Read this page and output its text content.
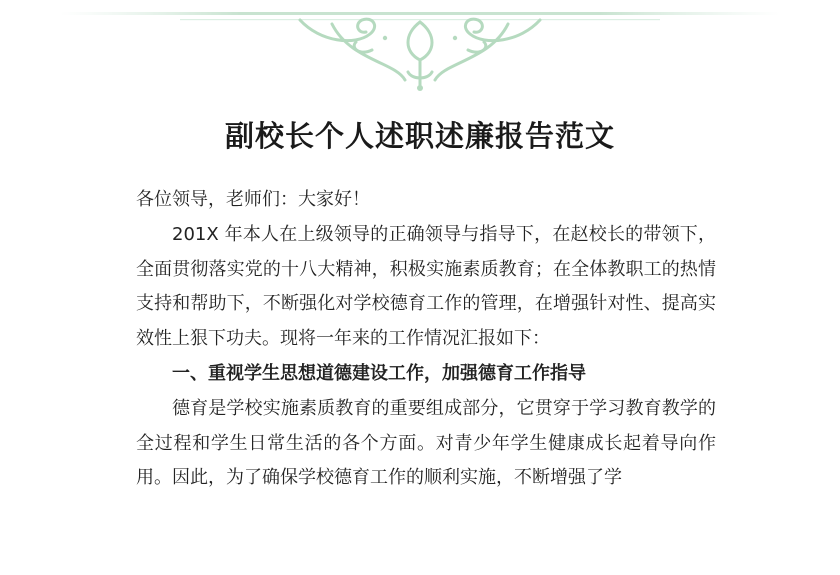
副校长个人述职述廉报告范文

各位领导，老师们：大家好！

201X 年本人在上级领导的正确领导与指导下，在赵校长的带领下，全面贯彻落实党的十八大精神，积极实施素质教育；在全体教职工的热情支持和帮助下，不断强化对学校德育工作的管理，在增强针对性、提高实效性上狠下功夫。现将一年来的工作情况汇报如下：

一、重视学生思想道德建设工作，加强德育工作指导

德育是学校实施素质教育的重要组成部分，它贯穿于学习教育教学的全过程和学生日常生活的各个方面。对青少年学生健康成长起着导向作用。因此，为了确保学校德育工作的顺利实施，不断增强了学
